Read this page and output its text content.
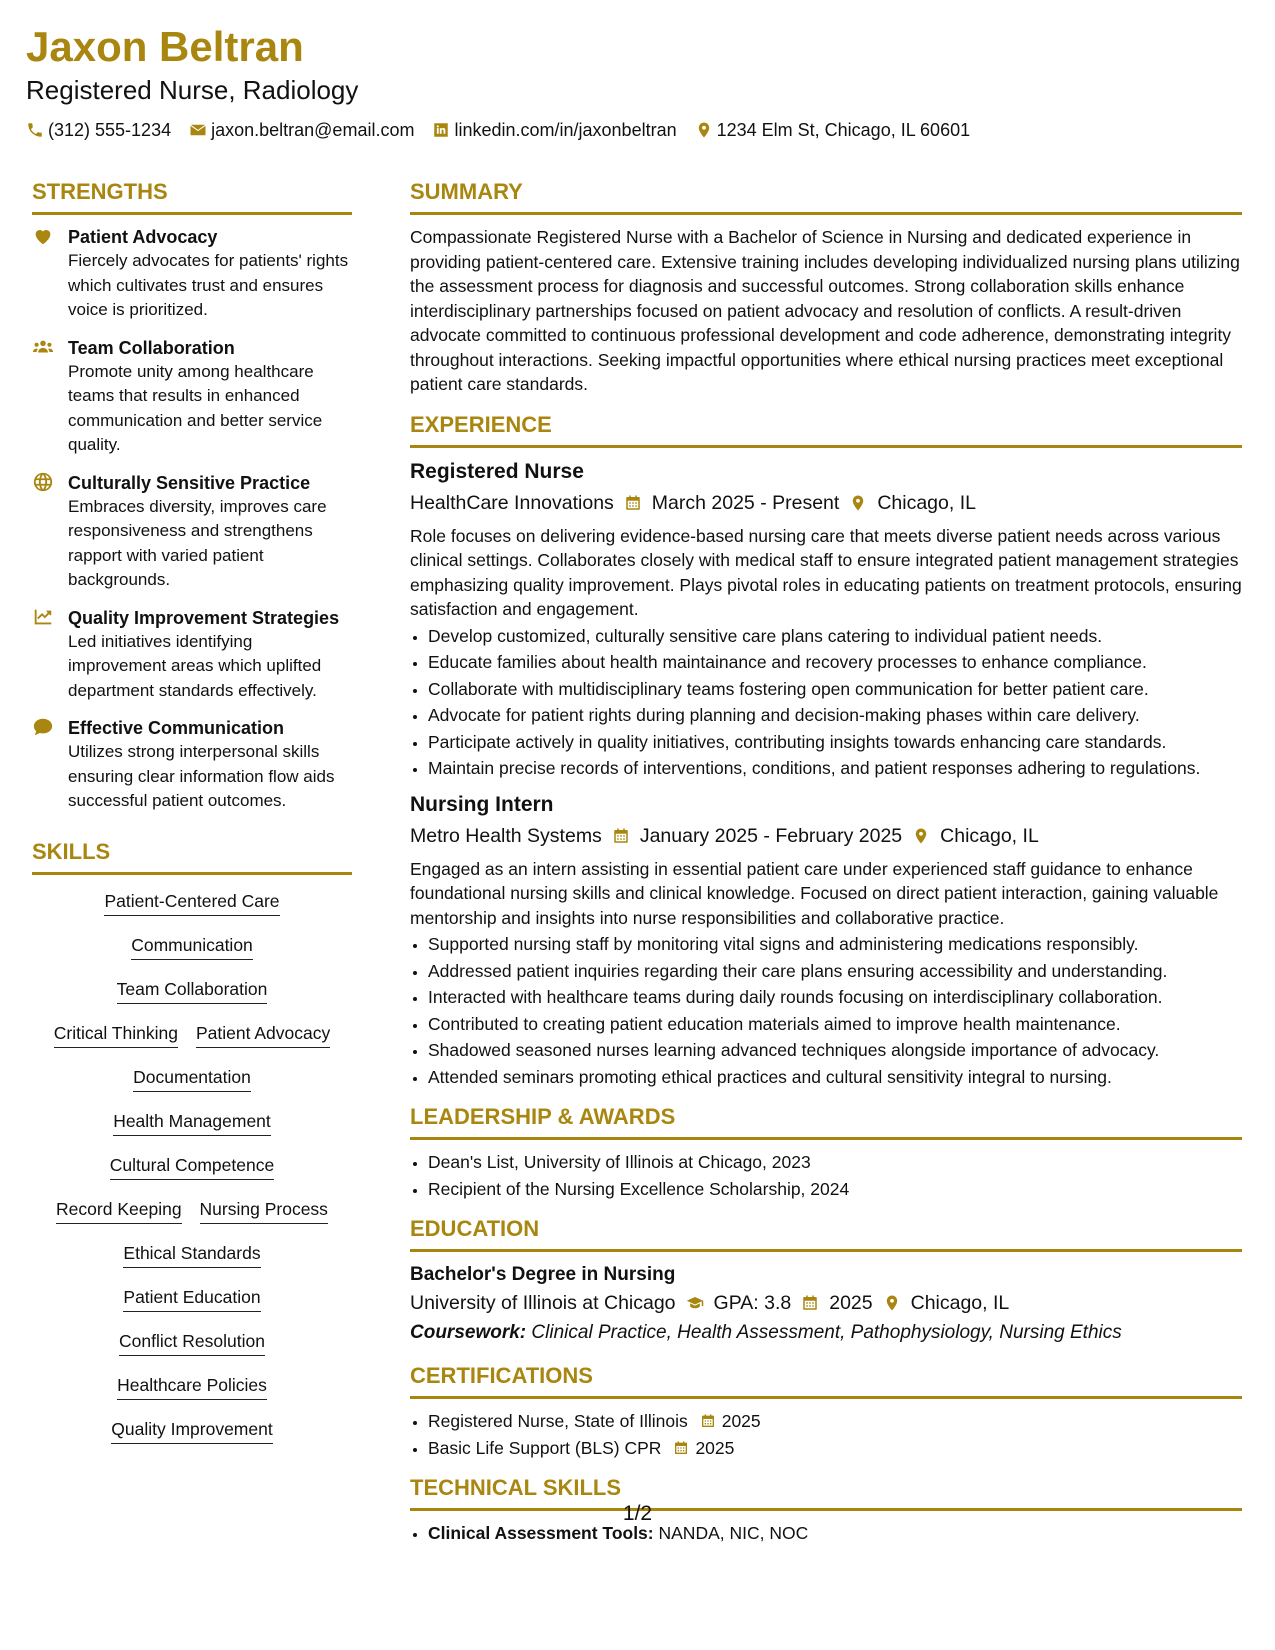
Jaxon Beltran
Registered Nurse, Radiology
(312) 555-1234 jaxon.beltran@email.com linkedin.com/in/jaxonbeltran 1234 Elm St, Chicago, IL 60601
STRENGTHS
Patient Advocacy
Fiercely advocates for patients' rights which cultivates trust and ensures voice is prioritized.
Team Collaboration
Promote unity among healthcare teams that results in enhanced communication and better service quality.
Culturally Sensitive Practice
Embraces diversity, improves care responsiveness and strengthens rapport with varied patient backgrounds.
Quality Improvement Strategies
Led initiatives identifying improvement areas which uplifted department standards effectively.
Effective Communication
Utilizes strong interpersonal skills ensuring clear information flow aids successful patient outcomes.
SKILLS
Patient-Centered Care
Communication
Team Collaboration
Critical Thinking Patient Advocacy
Documentation
Health Management
Cultural Competence
Record Keeping Nursing Process
Ethical Standards
Patient Education
Conflict Resolution
Healthcare Policies
Quality Improvement
SUMMARY

Compassionate Registered Nurse with a Bachelor of Science in Nursing and dedicated experience in providing patient-centered care. Extensive training includes developing individualized nursing plans utilizing the assessment process for diagnosis and successful outcomes. Strong collaboration skills enhance interdisciplinary partnerships focused on patient advocacy and resolution of conflicts. A result-driven advocate committed to continuous professional development and code adherence, demonstrating integrity throughout interactions. Seeking impactful opportunities where ethical nursing practices meet exceptional patient care standards.

EXPERIENCE
Registered Nurse
HealthCare Innovations March 2025 - Present Chicago, IL

Role focuses on delivering evidence-based nursing care that meets diverse patient needs across various clinical settings. Collaborates closely with medical staff to ensure integrated patient management strategies emphasizing quality improvement. Plays pivotal roles in educating patients on treatment protocols, ensuring satisfaction and engagement.

• Develop customized, culturally sensitive care plans catering to individual patient needs.
• Educate families about health maintainance and recovery processes to enhance compliance.
• Collaborate with multidisciplinary teams fostering open communication for better patient care.
• Advocate for patient rights during planning and decision-making phases within care delivery.
• Participate actively in quality initiatives, contributing insights towards enhancing care standards.
• Maintain precise records of interventions, conditions, and patient responses adhering to regulations.
Nursing Intern
Metro Health Systems January 2025 - February 2025 Chicago, IL

Engaged as an intern assisting in essential patient care under experienced staff guidance to enhance foundational nursing skills and clinical knowledge. Focused on direct patient interaction, gaining valuable mentorship and insights into nurse responsibilities and collaborative practice.

• Supported nursing staff by monitoring vital signs and administering medications responsibly.
• Addressed patient inquiries regarding their care plans ensuring accessibility and understanding.
• Interacted with healthcare teams during daily rounds focusing on interdisciplinary collaboration.
• Contributed to creating patient education materials aimed to improve health maintenance.
• Shadowed seasoned nurses learning advanced techniques alongside importance of advocacy.
• Attended seminars promoting ethical practices and cultural sensitivity integral to nursing.
LEADERSHIP & AWARDS
• Dean's List, University of Illinois at Chicago, 2023
• Recipient of the Nursing Excellence Scholarship, 2024
EDUCATION
Bachelor's Degree in Nursing
University of Illinois at Chicago GPA: 3.8 2025 Chicago, IL
Coursework: Clinical Practice, Health Assessment, Pathophysiology, Nursing Ethics
CERTIFICATIONS
• Registered Nurse, State of Illinois 2025
• Basic Life Support (BLS) CPR 2025
TECHNICAL SKILLS
• Clinical Assessment Tools: NANDA, NIC, NOC
1/2
